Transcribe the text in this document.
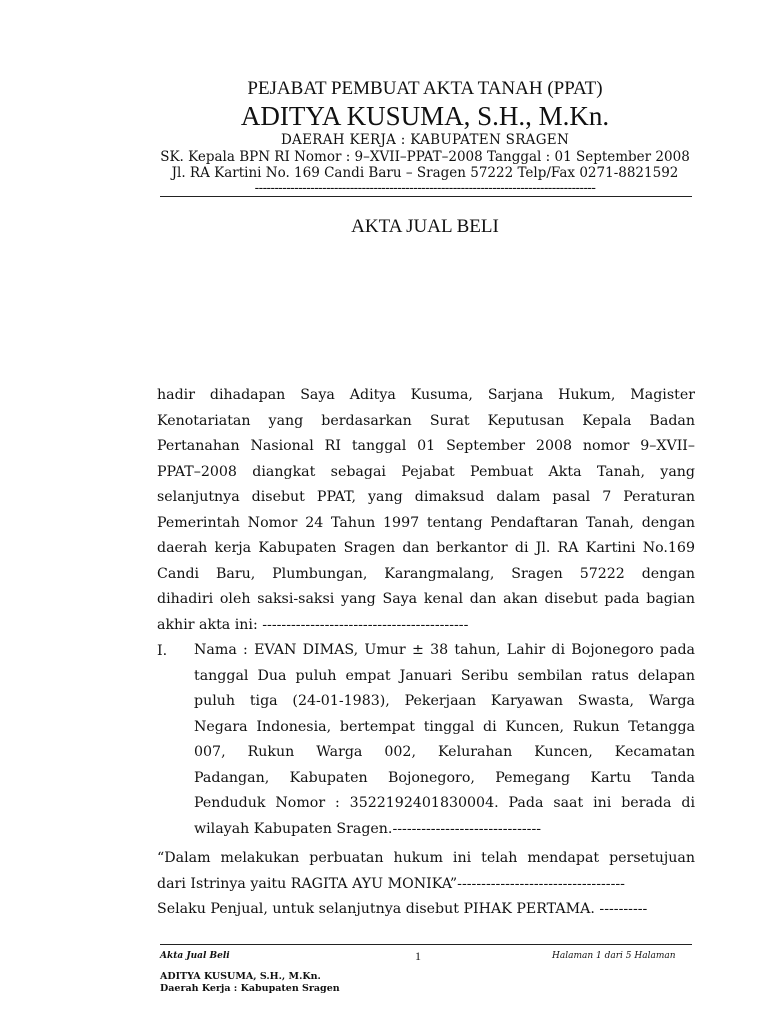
PEJABAT PEMBUAT AKTA TANAH (PPAT)
ADITYA KUSUMA, S.H., M.Kn.
DAERAH KERJA : KABUPATEN SRAGEN
SK. Kepala BPN RI Nomor : 9–XVII–PPAT–2008 Tanggal : 01 September 2008
Jl. RA Kartini No. 169 Candi Baru – Sragen 57222 Telp/Fax 0271-8821592
--------------------------------------------------------------------------------------
AKTA JUAL BELI
hadir dihadapan Saya Aditya Kusuma, Sarjana Hukum, Magister
Kenotariatan yang berdasarkan Surat Keputusan Kepala Badan
Pertanahan Nasional RI tanggal 01 September 2008 nomor 9–XVII–
PPAT–2008 diangkat sebagai Pejabat Pembuat Akta Tanah, yang
selanjutnya disebut PPAT, yang dimaksud dalam pasal 7 Peraturan
Pemerintah Nomor 24 Tahun 1997 tentang Pendaftaran Tanah, dengan
daerah kerja Kabupaten Sragen dan berkantor di Jl. RA Kartini No.169
Candi Baru, Plumbungan, Karangmalang, Sragen 57222 dengan
dihadiri oleh saksi-saksi yang Saya kenal dan akan disebut pada bagian
akhir akta ini: -------------------------------------------
I. Nama : EVAN DIMAS, Umur ± 38 tahun, Lahir di Bojonegoro pada
tanggal Dua puluh empat Januari Seribu sembilan ratus delapan
puluh tiga (24-01-1983), Pekerjaan Karyawan Swasta, Warga
Negara Indonesia, bertempat tinggal di Kuncen, Rukun Tetangga
007, Rukun Warga 002, Kelurahan Kuncen, Kecamatan
Padangan, Kabupaten Bojonegoro, Pemegang Kartu Tanda
Penduduk Nomor : 3522192401830004. Pada saat ini berada di
wilayah Kabupaten Sragen.-------------------------------
“Dalam melakukan perbuatan hukum ini telah mendapat persetujuan
dari Istrinya yaitu RAGITA AYU MONIKA”-----------------------------------
Selaku Penjual, untuk selanjutnya disebut PIHAK PERTAMA. ----------
Akta Jual Beli	1	Halaman 1 dari 5 Halaman
ADITYA KUSUMA, S.H., M.Kn.
Daerah Kerja : Kabupaten Sragen
